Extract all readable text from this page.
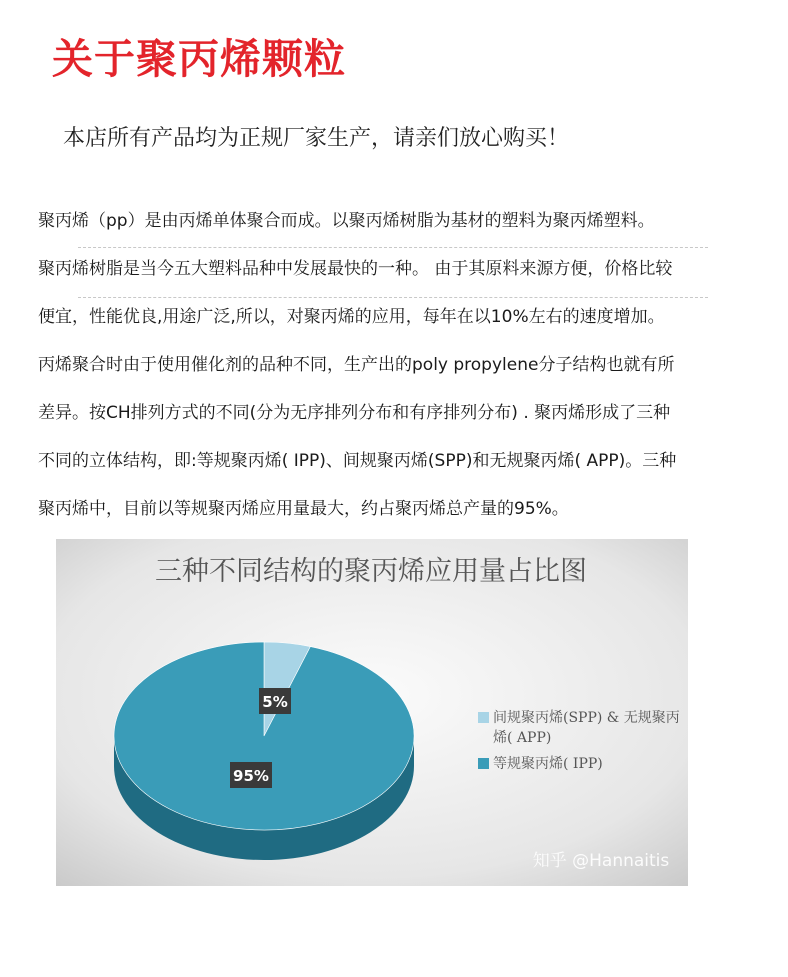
关于聚丙烯颗粒
本店所有产品均为正规厂家生产，请亲们放心购买！
聚丙烯（pp）是由丙烯单体聚合而成。以聚丙烯树脂为基材的塑料为聚丙烯塑料。
聚丙烯树脂是当今五大塑料品种中发展最快的一种。 由于其原料来源方便，价格比较
便宜，性能优良,用途广泛,所以，对聚丙烯的应用，每年在以10%左右的速度增加。
丙烯聚合时由于使用催化剂的品种不同，生产出的poly propylene分子结构也就有所
差异。按CH排列方式的不同(分为无序排列分布和有序排列分布) . 聚丙烯形成了三种
不同的立体结构，即:等规聚丙烯( IPP)、间规聚丙烯(SPP)和无规聚丙烯( APP)。三种
聚丙烯中，目前以等规聚丙烯应用量最大，约占聚丙烯总产量的95%。
三种不同结构的聚丙烯应用量占比图
5%
95%
间规聚丙烯(SPP) & 无规聚丙
烯( APP)
等规聚丙烯( IPP)
知乎 @Hannaitis
